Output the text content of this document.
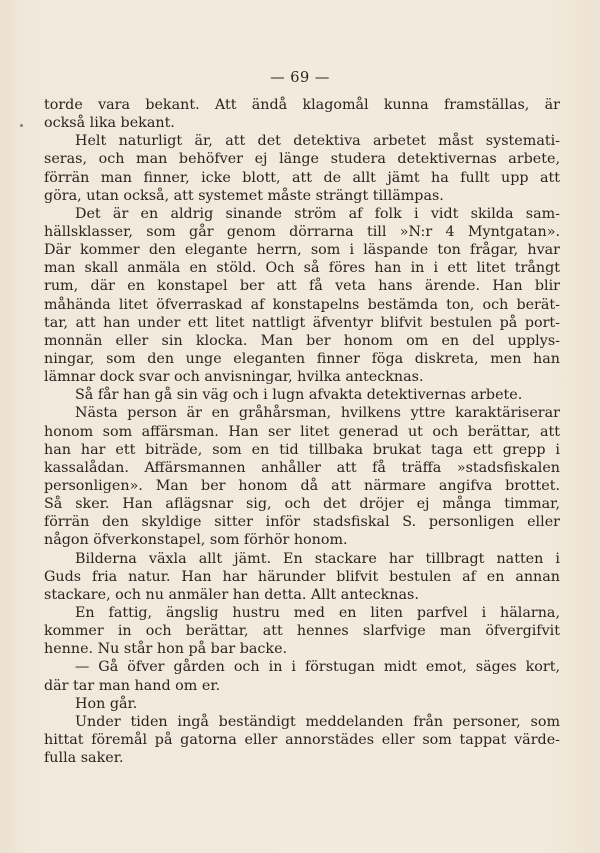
— 69 —
torde vara bekant. Att ändå klagomål kunna framställas, är
också lika bekant.
Helt naturligt är, att det detektiva arbetet måst systemati-
seras, och man behöfver ej länge studera detektivernas arbete,
förrän man finner, icke blott, att de allt jämt ha fullt upp att
göra, utan också, att systemet måste strängt tillämpas.
Det är en aldrig sinande ström af folk i vidt skilda sam-
hällsklasser, som går genom dörrarna till »N:r 4 Myntgatan».
Där kommer den elegante herrn, som i läspande ton frågar, hvar
man skall anmäla en stöld. Och så föres han in i ett litet trångt
rum, där en konstapel ber att få veta hans ärende. Han blir
måhända litet öfverraskad af konstapelns bestämda ton, och berät-
tar, att han under ett litet nattligt äfventyr blifvit bestulen på port-
monnän eller sin klocka. Man ber honom om en del upplys-
ningar, som den unge eleganten finner föga diskreta, men han
lämnar dock svar och anvisningar, hvilka antecknas.
Så får han gå sin väg och i lugn afvakta detektivernas arbete.
Nästa person är en gråhårsman, hvilkens yttre karaktäriserar
honom som affärsman. Han ser litet generad ut och berättar, att
han har ett biträde, som en tid tillbaka brukat taga ett grepp i
kassalådan. Affärsmannen anhåller att få träffa »stadsfiskalen
personligen». Man ber honom då att närmare angifva brottet.
Så sker. Han aflägsnar sig, och det dröjer ej många timmar,
förrän den skyldige sitter inför stadsfiskal S. personligen eller
någon öfverkonstapel, som förhör honom.
Bilderna växla allt jämt. En stackare har tillbragt natten i
Guds fria natur. Han har härunder blifvit bestulen af en annan
stackare, och nu anmäler han detta. Allt antecknas.
En fattig, ängslig hustru med en liten parfvel i hälarna,
kommer in och berättar, att hennes slarfvige man öfvergifvit
henne. Nu står hon på bar backe.
— Gå öfver gården och in i förstugan midt emot, säges kort,
där tar man hand om er.
Hon går.
Under tiden ingå beständigt meddelanden från personer, som
hittat föremål på gatorna eller annorstädes eller som tappat värde-
fulla saker.
